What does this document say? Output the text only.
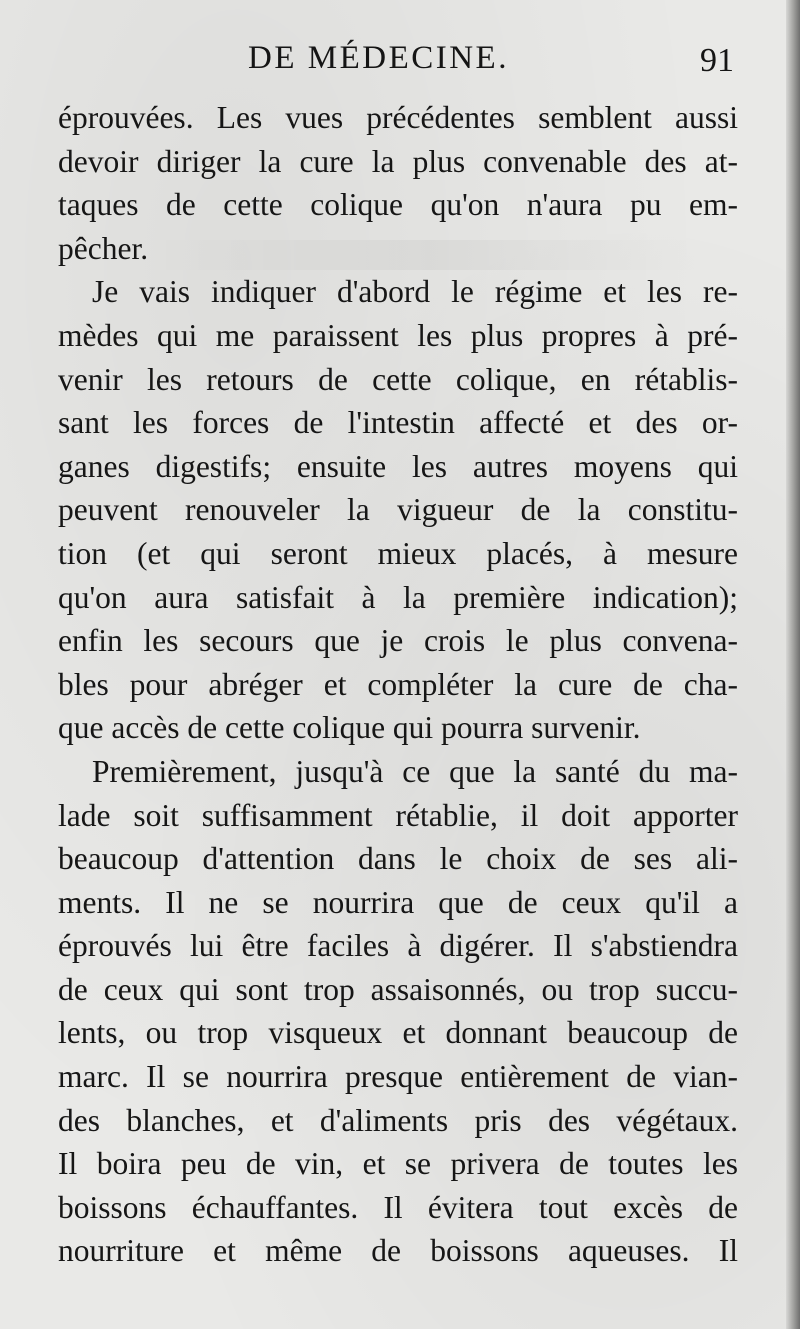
DE MÉDECINE.	91
éprouvées. Les vues précédentes semblent aussi
devoir diriger la cure la plus convenable des at-
taques de cette colique qu'on n'aura pu em-
pêcher.
Je vais indiquer d'abord le régime et les re-
mèdes qui me paraissent les plus propres à pré-
venir les retours de cette colique, en rétablis-
sant les forces de l'intestin affecté et des or-
ganes digestifs; ensuite les autres moyens qui
peuvent renouveler la vigueur de la constitu-
tion (et qui seront mieux placés, à mesure
qu'on aura satisfait à la première indication);
enfin les secours que je crois le plus convena-
bles pour abréger et compléter la cure de cha-
que accès de cette colique qui pourra survenir.
Premièrement, jusqu'à ce que la santé du ma-
lade soit suffisamment rétablie, il doit apporter
beaucoup d'attention dans le choix de ses ali-
ments. Il ne se nourrira que de ceux qu'il a
éprouvés lui être faciles à digérer. Il s'abstiendra
de ceux qui sont trop assaisonnés, ou trop succu-
lents, ou trop visqueux et donnant beaucoup de
marc. Il se nourrira presque entièrement de vian-
des blanches, et d'aliments pris des végétaux.
Il boira peu de vin, et se privera de toutes les
boissons échauffantes. Il évitera tout excès de
nourriture et même de boissons aqueuses. Il
